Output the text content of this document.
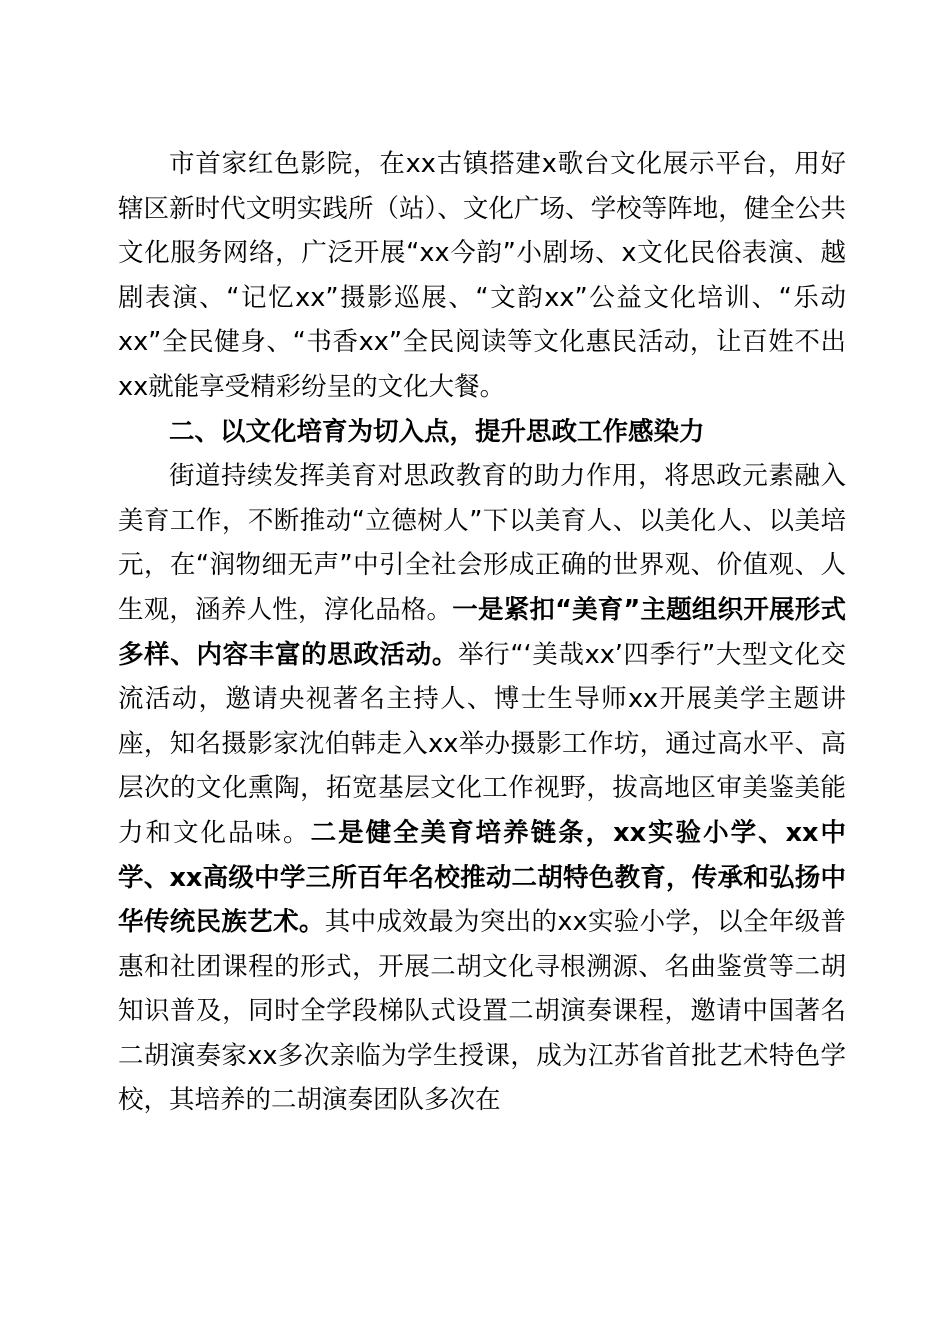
市首家红色影院，在xx古镇搭建x歌台文化展示平台，用好辖区新时代文明实践所（站）、文化广场、学校等阵地，健全公共文化服务网络，广泛开展“xx今韵”小剧场、x文化民俗表演、越剧表演、“记忆xx”摄影巡展、“文韵xx”公益文化培训、“乐动xx”全民健身、“书香xx”全民阅读等文化惠民活动，让百姓不出xx就能享受精彩纷呈的文化大餐。

二、以文化培育为切入点，提升思政工作感染力

街道持续发挥美育对思政教育的助力作用，将思政元素融入美育工作，不断推动“立德树人”下以美育人、以美化人、以美培元，在“润物细无声”中引全社会形成正确的世界观、价值观、人生观，涵养人性，淳化品格。一是紧扣“美育”主题组织开展形式多样、内容丰富的思政活动。举行“‘美哉xx’四季行”大型文化交流活动，邀请央视著名主持人、博士生导师xx开展美学主题讲座，知名摄影家沈伯韩走入xx举办摄影工作坊，通过高水平、高层次的文化熏陶，拓宽基层文化工作视野，拔高地区审美鉴美能力和文化品味。二是健全美育培养链条，xx实验小学、xx中学、xx高级中学三所百年名校推动二胡特色教育，传承和弘扬中华传统民族艺术。其中成效最为突出的xx实验小学，以全年级普惠和社团课程的形式，开展二胡文化寻根溯源、名曲鉴赏等二胡知识普及，同时全学段梯队式设置二胡演奏课程，邀请中国著名二胡演奏家xx多次亲临为学生授课，成为江苏省首批艺术特色学校，其培养的二胡演奏团队多次在
